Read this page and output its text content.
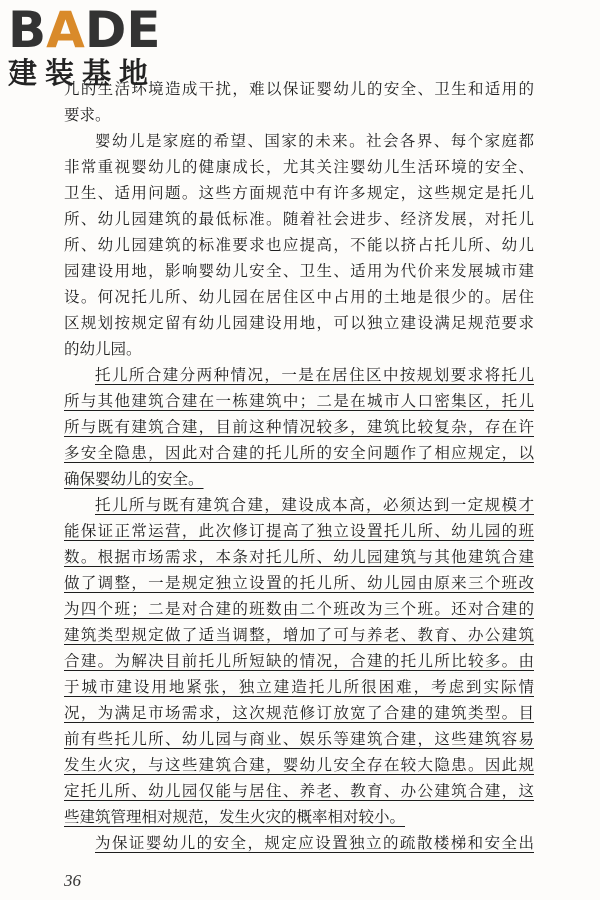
BADE
建装基地
儿的生活环境造成干扰，难以保证婴幼儿的安全、卫生和适用的
要求。
婴幼儿是家庭的希望、国家的未来。社会各界、每个家庭都
非常重视婴幼儿的健康成长，尤其关注婴幼儿生活环境的安全、
卫生、适用问题。这些方面规范中有许多规定，这些规定是托儿
所、幼儿园建筑的最低标准。随着社会进步、经济发展，对托儿
所、幼儿园建筑的标准要求也应提高，不能以挤占托儿所、幼儿
园建设用地，影响婴幼儿安全、卫生、适用为代价来发展城市建
设。何况托儿所、幼儿园在居住区中占用的土地是很少的。居住
区规划按规定留有幼儿园建设用地，可以独立建设满足规范要求
的幼儿园。
托儿所合建分两种情况，一是在居住区中按规划要求将托儿
所与其他建筑合建在一栋建筑中；二是在城市人口密集区，托儿
所与既有建筑合建，目前这种情况较多，建筑比较复杂，存在许
多安全隐患，因此对合建的托儿所的安全问题作了相应规定，以
确保婴幼儿的安全。
托儿所与既有建筑合建，建设成本高，必须达到一定规模才
能保证正常运营，此次修订提高了独立设置托儿所、幼儿园的班
数。根据市场需求，本条对托儿所、幼儿园建筑与其他建筑合建
做了调整，一是规定独立设置的托儿所、幼儿园由原来三个班改
为四个班；二是对合建的班数由二个班改为三个班。还对合建的
建筑类型规定做了适当调整，增加了可与养老、教育、办公建筑
合建。为解决目前托儿所短缺的情况，合建的托儿所比较多。由
于城市建设用地紧张，独立建造托儿所很困难，考虑到实际情
况，为满足市场需求，这次规范修订放宽了合建的建筑类型。目
前有些托儿所、幼儿园与商业、娱乐等建筑合建，这些建筑容易
发生火灾，与这些建筑合建，婴幼儿安全存在较大隐患。因此规
定托儿所、幼儿园仅能与居住、养老、教育、办公建筑合建，这
些建筑管理相对规范，发生火灾的概率相对较小。
为保证婴幼儿的安全，规定应设置独立的疏散楼梯和安全出
36
